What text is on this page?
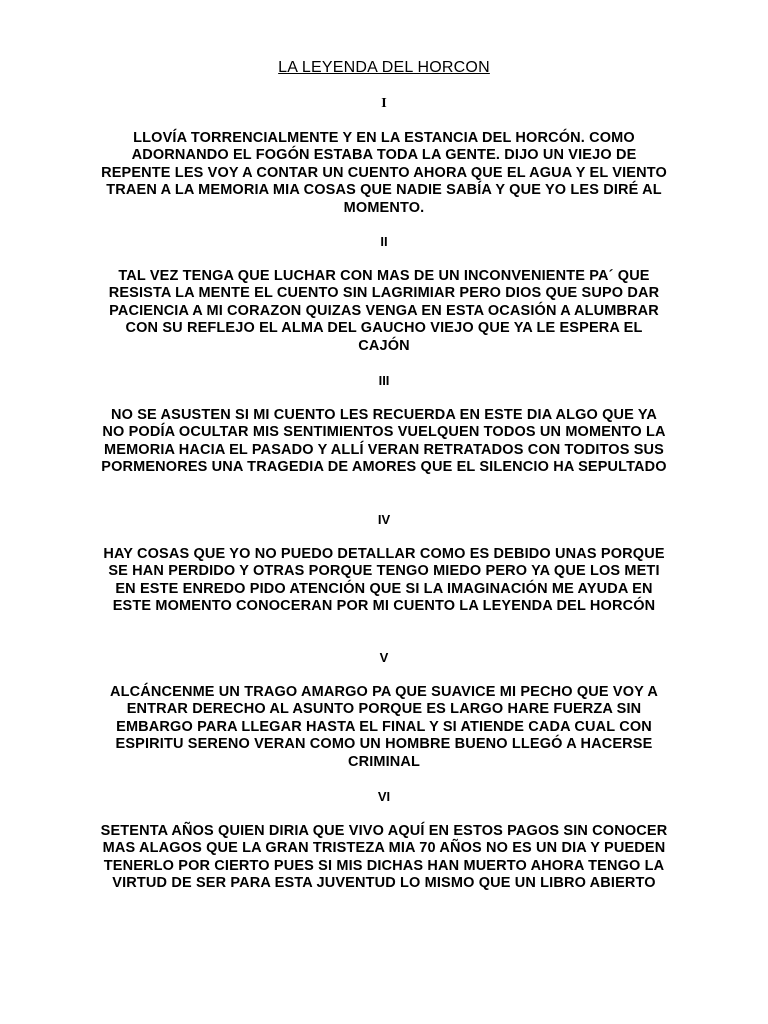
LA LEYENDA DEL HORCON

I

LLOVÍA TORRENCIALMENTE Y EN LA ESTANCIA DEL HORCÓN. COMO ADORNANDO EL FOGÓN ESTABA TODA LA GENTE. DIJO UN VIEJO DE REPENTE LES VOY A CONTAR UN CUENTO AHORA QUE EL AGUA Y EL VIENTO TRAEN A LA MEMORIA MIA COSAS QUE NADIE SABÍA Y QUE YO LES DIRÉ AL MOMENTO.

II

TAL VEZ TENGA QUE LUCHAR CON MAS DE UN INCONVENIENTE PA´ QUE RESISTA LA MENTE EL CUENTO SIN LAGRIMIAR PERO DIOS QUE SUPO DAR PACIENCIA A MI CORAZON QUIZAS VENGA EN ESTA OCASIÓN A ALUMBRAR CON SU REFLEJO EL ALMA DEL GAUCHO VIEJO QUE YA LE ESPERA EL CAJÓN

III

NO SE ASUSTEN SI MI CUENTO LES RECUERDA EN ESTE DIA ALGO QUE YA NO PODÍA OCULTAR MIS SENTIMIENTOS VUELQUEN TODOS UN MOMENTO LA MEMORIA HACIA EL PASADO Y ALLÍ VERAN RETRATADOS CON TODITOS SUS PORMENORES UNA TRAGEDIA DE AMORES QUE EL SILENCIO HA SEPULTADO

IV

HAY COSAS QUE YO NO PUEDO DETALLAR COMO ES DEBIDO UNAS PORQUE SE HAN PERDIDO Y OTRAS PORQUE TENGO MIEDO PERO YA QUE LOS METI EN ESTE ENREDO PIDO ATENCIÓN QUE SI LA IMAGINACIÓN ME AYUDA EN ESTE MOMENTO CONOCERAN POR MI CUENTO LA LEYENDA DEL HORCÓN

V

ALCÁNCENME UN TRAGO AMARGO PA QUE SUAVICE MI PECHO QUE VOY A ENTRAR DERECHO AL ASUNTO PORQUE ES LARGO HARE FUERZA SIN EMBARGO PARA LLEGAR HASTA EL FINAL Y SI ATIENDE CADA CUAL CON ESPIRITU SERENO VERAN COMO UN HOMBRE BUENO LLEGÓ A HACERSE CRIMINAL

VI

SETENTA AÑOS QUIEN DIRIA QUE VIVO AQUÍ EN ESTOS PAGOS SIN CONOCER MAS ALAGOS QUE LA GRAN TRISTEZA MIA 70 AÑOS NO ES UN DIA Y PUEDEN TENERLO POR CIERTO PUES SI MIS DICHAS HAN MUERTO AHORA TENGO LA VIRTUD DE SER PARA ESTA JUVENTUD LO MISMO QUE UN LIBRO ABIERTO
